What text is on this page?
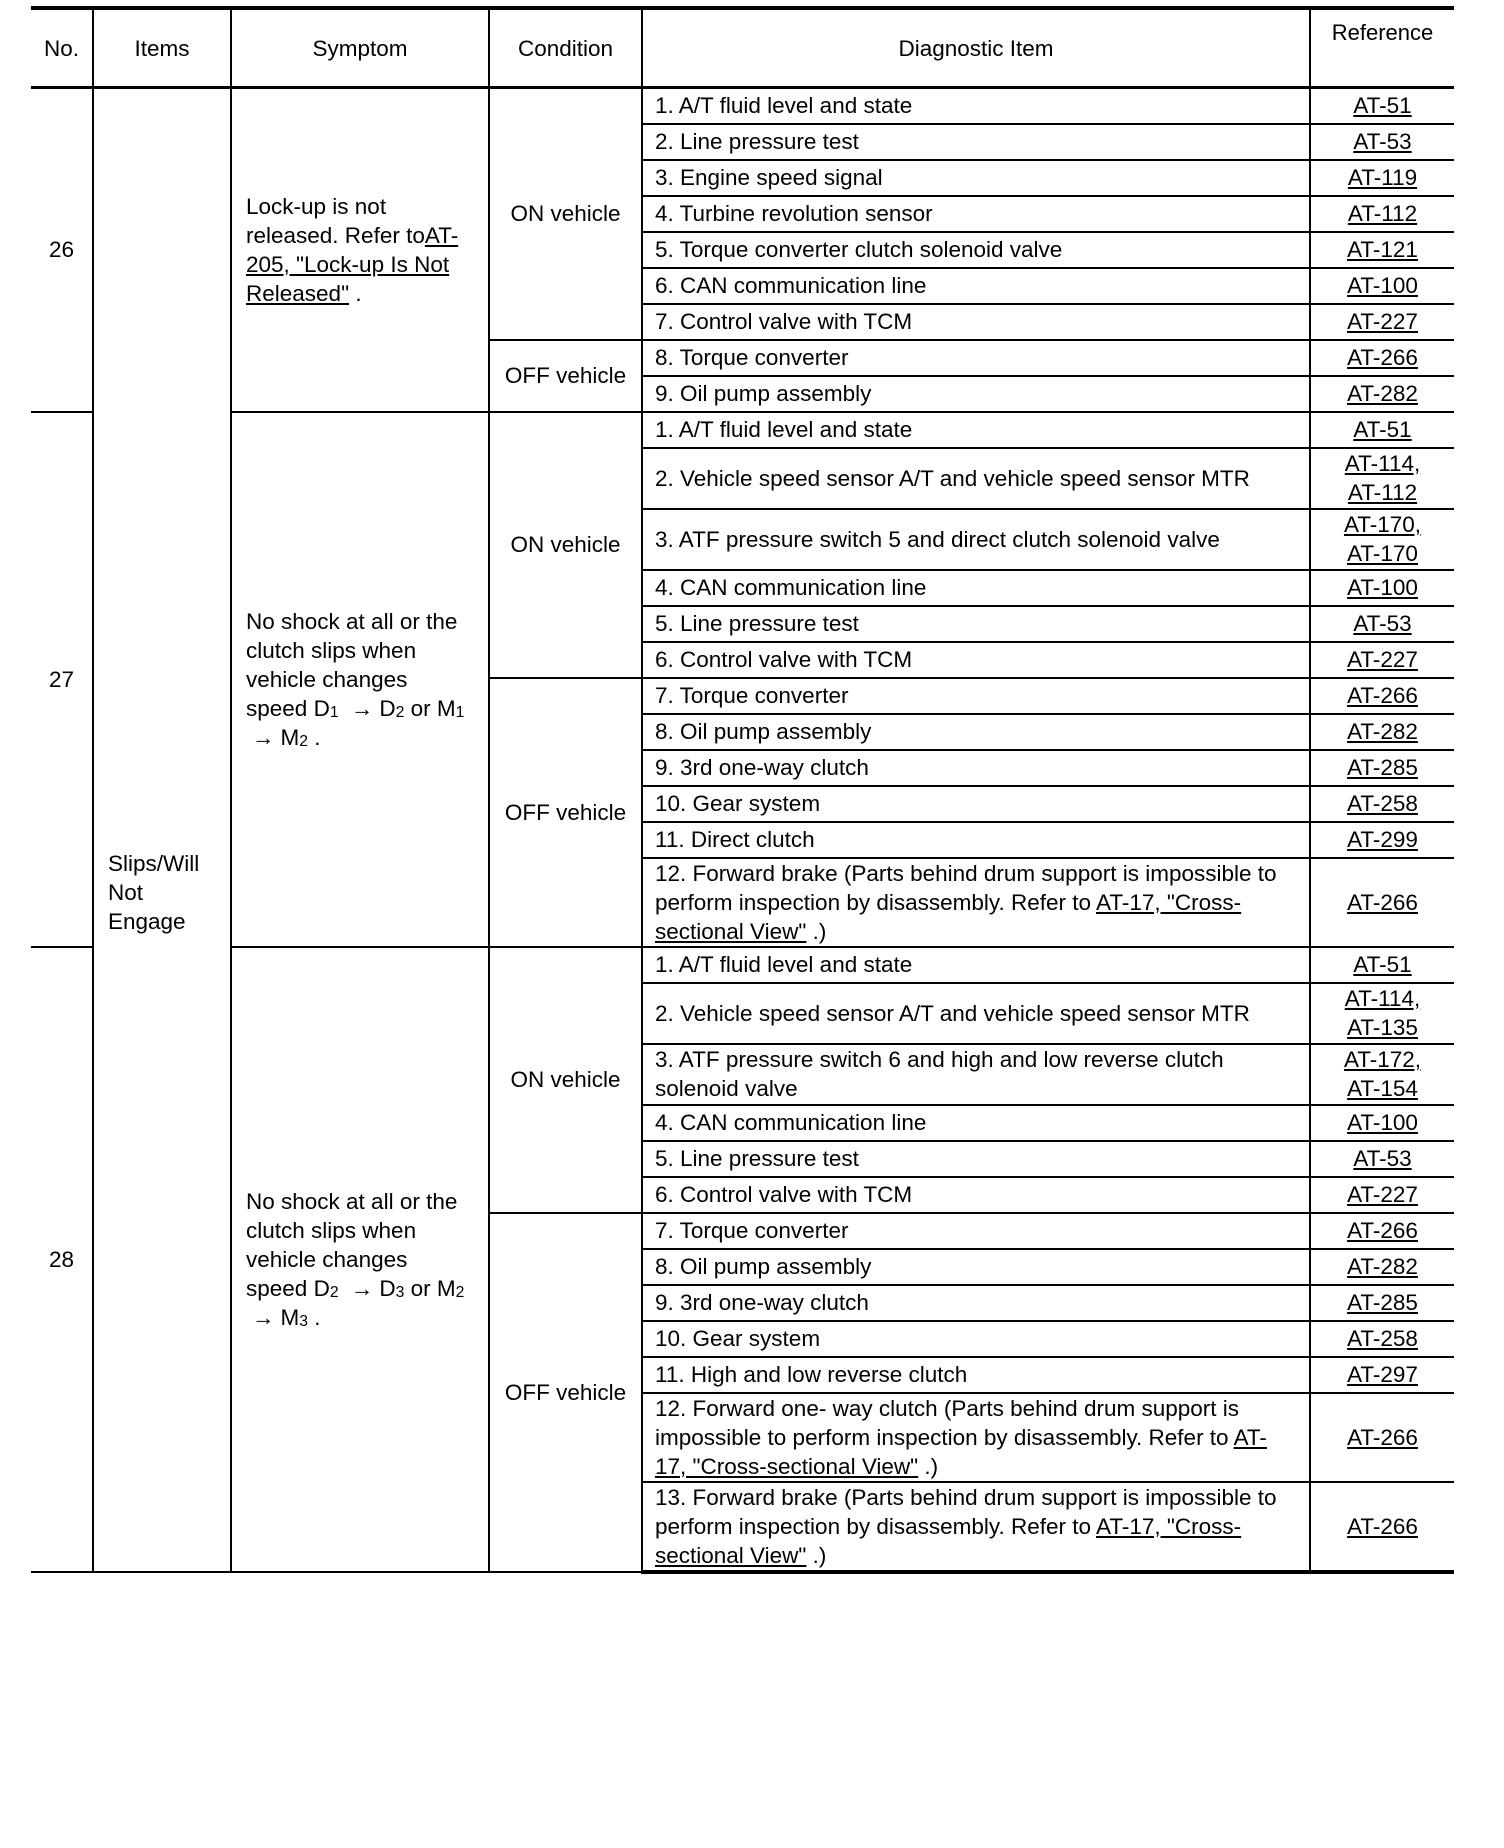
No.	Items	Symptom	Condition	Diagnostic Item	Reference
26	Slips/Will Not Engage	Lock-up is not released. Refer toAT-205, "Lock-up Is Not Released" .	ON vehicle	1. A/T fluid level and state	AT-51
				2. Line pressure test	AT-53
				3. Engine speed signal	AT-119
				4. Turbine revolution sensor	AT-112
				5. Torque converter clutch solenoid valve	AT-121
				6. CAN communication line	AT-100
				7. Control valve with TCM	AT-227
			OFF vehicle	8. Torque converter	AT-266
				9. Oil pump assembly	AT-282
27		No shock at all or the clutch slips when vehicle changes speed $D_1 \to D_2$ or $M_1 \to M_2$ .	ON vehicle	1. A/T fluid level and state	AT-51
				2. Vehicle speed sensor A/T and vehicle speed sensor MTR	AT-114,
AT-112
				3. ATF pressure switch 5 and direct clutch solenoid valve	AT-170,
AT-170
				4. CAN communication line	AT-100
				5. Line pressure test	AT-53
				6. Control valve with TCM	AT-227
			OFF vehicle	7. Torque converter	AT-266
				8. Oil pump assembly	AT-282
				9. 3rd one-way clutch	AT-285
				10. Gear system	AT-258
				11. Direct clutch	AT-299
				12. Forward brake (Parts behind drum support is impossible to perform inspection by disassembly. Refer to AT-17, "Cross-sectional View" .)	AT-266
28		No shock at all or the clutch slips when vehicle changes speed $D_2 \to D_3$ or $M_2 \to M_3$ .	ON vehicle	1. A/T fluid level and state	AT-51
				2. Vehicle speed sensor A/T and vehicle speed sensor MTR	AT-114,
AT-135
				3. ATF pressure switch 6 and high and low reverse clutch solenoid valve	AT-172,
AT-154
				4. CAN communication line	AT-100
				5. Line pressure test	AT-53
				6. Control valve with TCM	AT-227
			OFF vehicle	7. Torque converter	AT-266
				8. Oil pump assembly	AT-282
				9. 3rd one-way clutch	AT-285
				10. Gear system	AT-258
				11. High and low reverse clutch	AT-297
				12. Forward one- way clutch (Parts behind drum support is impossible to perform inspection by disassembly. Refer to AT-17, "Cross-sectional View" .)	AT-266
				13. Forward brake (Parts behind drum support is impossible to perform inspection by disassembly. Refer to AT-17, "Cross-sectional View" .)	AT-266
